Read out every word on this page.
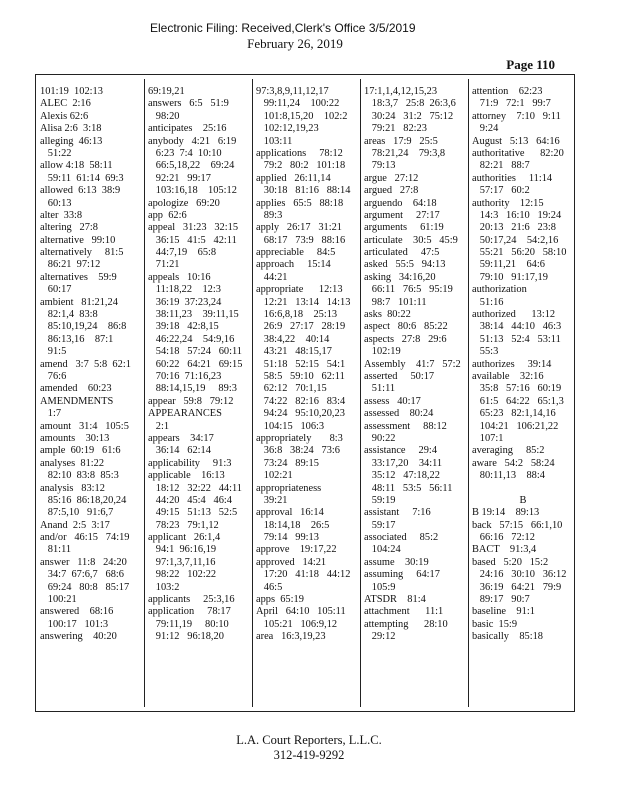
Electronic Filing: Received,Clerk's Office 3/5/2019
February 26, 2019
Page 110
101:19  102:13
ALEC  2:16
Alexis 62:6
Alisa 2:6  3:18
alleging  46:13
51:22
allow 4:18  58:11
59:11  61:14  69:3
allowed  6:13  38:9
60:13
alter  33:8
altering   27:8
alternative   99:10
alternatively     81:5
86:21  97:12
alternatives    59:9
60:17
ambient   81:21,24
82:1,4  83:8
85:10,19,24    86:8
86:13,16    87:1
91:5
amend   3:7  5:8  62:1
76:6
amended    60:23
AMENDMENTS
1:7
amount   31:4   105:5
amounts    30:13
ample  60:19   61:6
analyses  81:22
82:10  83:8  85:3
analysis   83:12
85:16  86:18,20,24
87:5,10   91:6,7
Anand  2:5  3:17
and/or   46:15   74:19
81:11
answer   11:8   24:20
34:7  67:6,7   68:6
69:24   80:8   85:17
100:21
answered    68:16
100:17   101:3
answering    40:20
69:19,21
answers   6:5   51:9
98:20
anticipates    25:16
anybody   4:21   6:19
6:23  7:4  10:10
66:5,18,22    69:24
92:21   99:17
103:16,18    105:12
apologize   69:20
app  62:6
appeal   31:23   32:15
36:15   41:5   42:11
44:7,19    65:8
71:21
appeals   10:16
11:18,22    12:3
36:19  37:23,24
38:11,23    39:11,15
39:18   42:8,15
46:22,24    54:9,16
54:18   57:24   60:11
60:22   64:21   69:15
70:16  71:16,23
88:14,15,19     89:3
appear   59:8   79:12
APPEARANCES
2:1
appears    34:17
36:14   62:14
applicability     91:3
applicable    16:13
18:12   32:22   44:11
44:20   45:4   46:4
49:15   51:13   52:5
78:23   79:1,12
applicant   26:1,4
94:1  96:16,19
97:1,3,7,11,16
98:22   102:22
103:2
applicants     25:3,16
application     78:17
79:11,19     80:10
91:12   96:18,20
97:3,8,9,11,12,17
99:11,24    100:22
101:8,15,20    102:2
102:12,19,23
103:11
applications     78:12
79:2   80:2   101:18
applied   26:11,14
30:18   81:16   88:14
applies   65:5   88:18
89:3
apply   26:17   31:21
68:17   73:9   88:16
appreciable     84:5
approach     15:14
44:21
appropriate      12:13
12:21   13:14   14:13
16:6,8,18    25:13
26:9   27:17   28:19
38:4,22    40:14
43:21   48:15,17
51:18   52:15   54:1
58:5   59:10   62:11
62:12   70:1,15
74:22   82:16   83:4
94:24   95:10,20,23
104:15   106:3
appropriately       8:3
36:8   38:24   73:6
73:24   89:15
102:21
appropriateness
39:21
approval   16:14
18:14,18    26:5
79:14   99:13
approve    19:17,22
approved   14:21
17:20   41:18   44:12
46:5
apps  65:19
April   64:10   105:11
105:21   106:9,12
area   16:3,19,23
17:1,1,4,12,15,23
18:3,7   25:8  26:3,6
30:24   31:2   75:12
79:21   82:23
areas   17:9   25:5
78:21,24    79:3,8
79:13
argue   27:12
argued   27:8
arguendo    64:18
argument     27:17
arguments     61:19
articulate    30:5   45:9
articulated     47:5
asked   55:5   94:13
asking   34:16,20
66:11   76:5   95:19
98:7   101:11
asks  80:22
aspect   80:6   85:22
aspects   27:8   29:6
102:19
Assembly    41:7   57:2
asserted     50:17
51:11
assess   40:17
assessed    80:24
assessment     88:12
90:22
assistance     29:4
33:17,20    34:11
35:12   47:18,22
48:11   53:5   56:11
59:19
assistant     7:16
59:17
associated     85:2
104:24
assume    30:19
assuming     64:17
105:9
ATSDR    81:4
attachment      11:1
attempting      28:10
29:12
attention    62:23
71:9   72:1   99:7
attorney    7:10   9:11
9:24
August   5:13   64:16
authoritative      82:20
82:21   88:7
authorities     11:14
57:17   60:2
authority    12:15
14:3   16:10   19:24
20:13   21:6   23:8
50:17,24    54:2,16
55:21   56:20   58:10
59:11,21    64:6
79:10   91:17,19
authorization
51:16
authorized      13:12
38:14   44:10   46:3
51:13   52:4   53:11
55:3
authorizes     39:14
available    32:16
35:8   57:16   60:19
61:5   64:22   65:1,3
65:23   82:1,14,16
104:21   106:21,22
107:1
averaging     85:2
aware   54:2   58:24
80:11,13    88:4
B
B 19:14    89:13
back   57:15   66:1,10
66:16   72:12
BACT    91:3,4
based   5:20   15:2
24:16   30:10   36:12
36:19   64:21   79:9
89:17   90:7
baseline    91:1
basic  15:9
basically    85:18
L.A. Court Reporters, L.L.C.
312-419-9292
